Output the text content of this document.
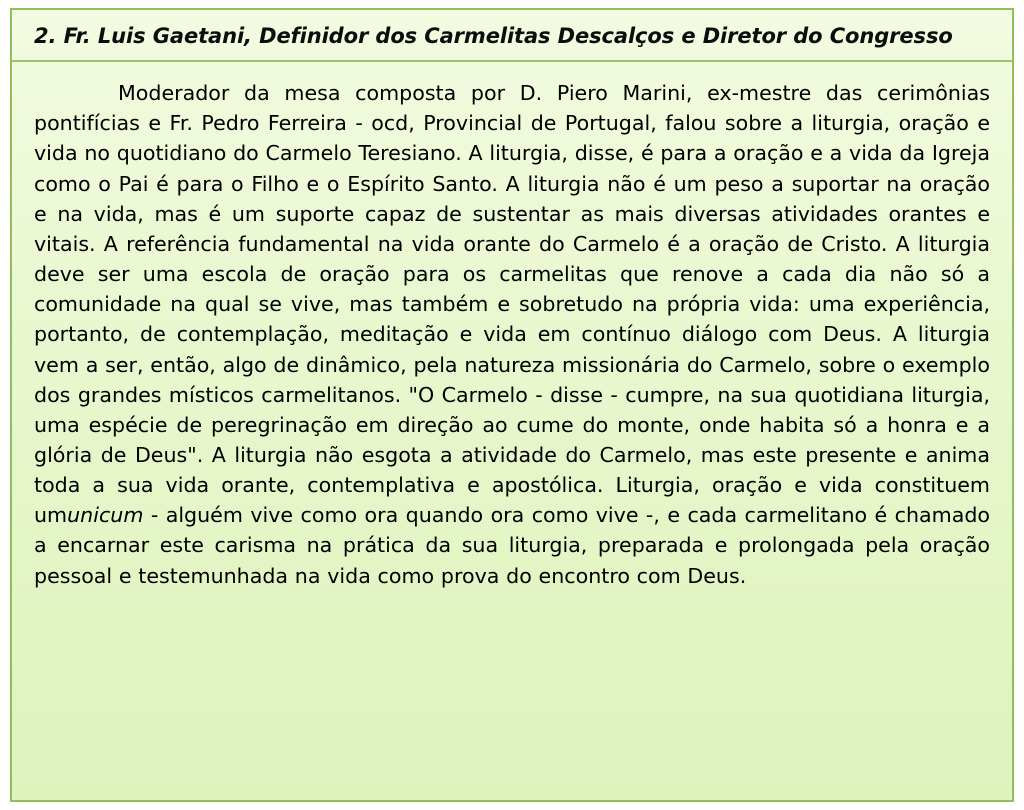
2. Fr. Luis Gaetani, Definidor dos Carmelitas Descalços e Diretor do Congresso

Moderador da mesa composta por D. Piero Marini, ex-mestre das cerimônias pontifícias e Fr. Pedro Ferreira - ocd, Provincial de Portugal, falou sobre a liturgia, oração e vida no quotidiano do Carmelo Teresiano. A liturgia, disse, é para a oração e a vida da Igreja como o Pai é para o Filho e o Espírito Santo. A liturgia não é um peso a suportar na oração e na vida, mas é um suporte capaz de sustentar as mais diversas atividades orantes e vitais. A referência fundamental na vida orante do Carmelo é a oração de Cristo. A liturgia deve ser uma escola de oração para os carmelitas que renove a cada dia não só a comunidade na qual se vive, mas também e sobretudo na própria vida: uma experiência, portanto, de contemplação, meditação e vida em contínuo diálogo com Deus. A liturgia vem a ser, então, algo de dinâmico, pela natureza missionária do Carmelo, sobre o exemplo dos grandes místicos carmelitanos. "O Carmelo - disse - cumpre, na sua quotidiana liturgia, uma espécie de peregrinação em direção ao cume do monte, onde habita só a honra e a glória de Deus". A liturgia não esgota a atividade do Carmelo, mas este presente e anima toda a sua vida orante, contemplativa e apostólica. Liturgia, oração e vida constituem umunicum - alguém vive como ora quando ora como vive -, e cada carmelitano é chamado a encarnar este carisma na prática da sua liturgia, preparada e prolongada pela oração pessoal e testemunhada na vida como prova do encontro com Deus.
